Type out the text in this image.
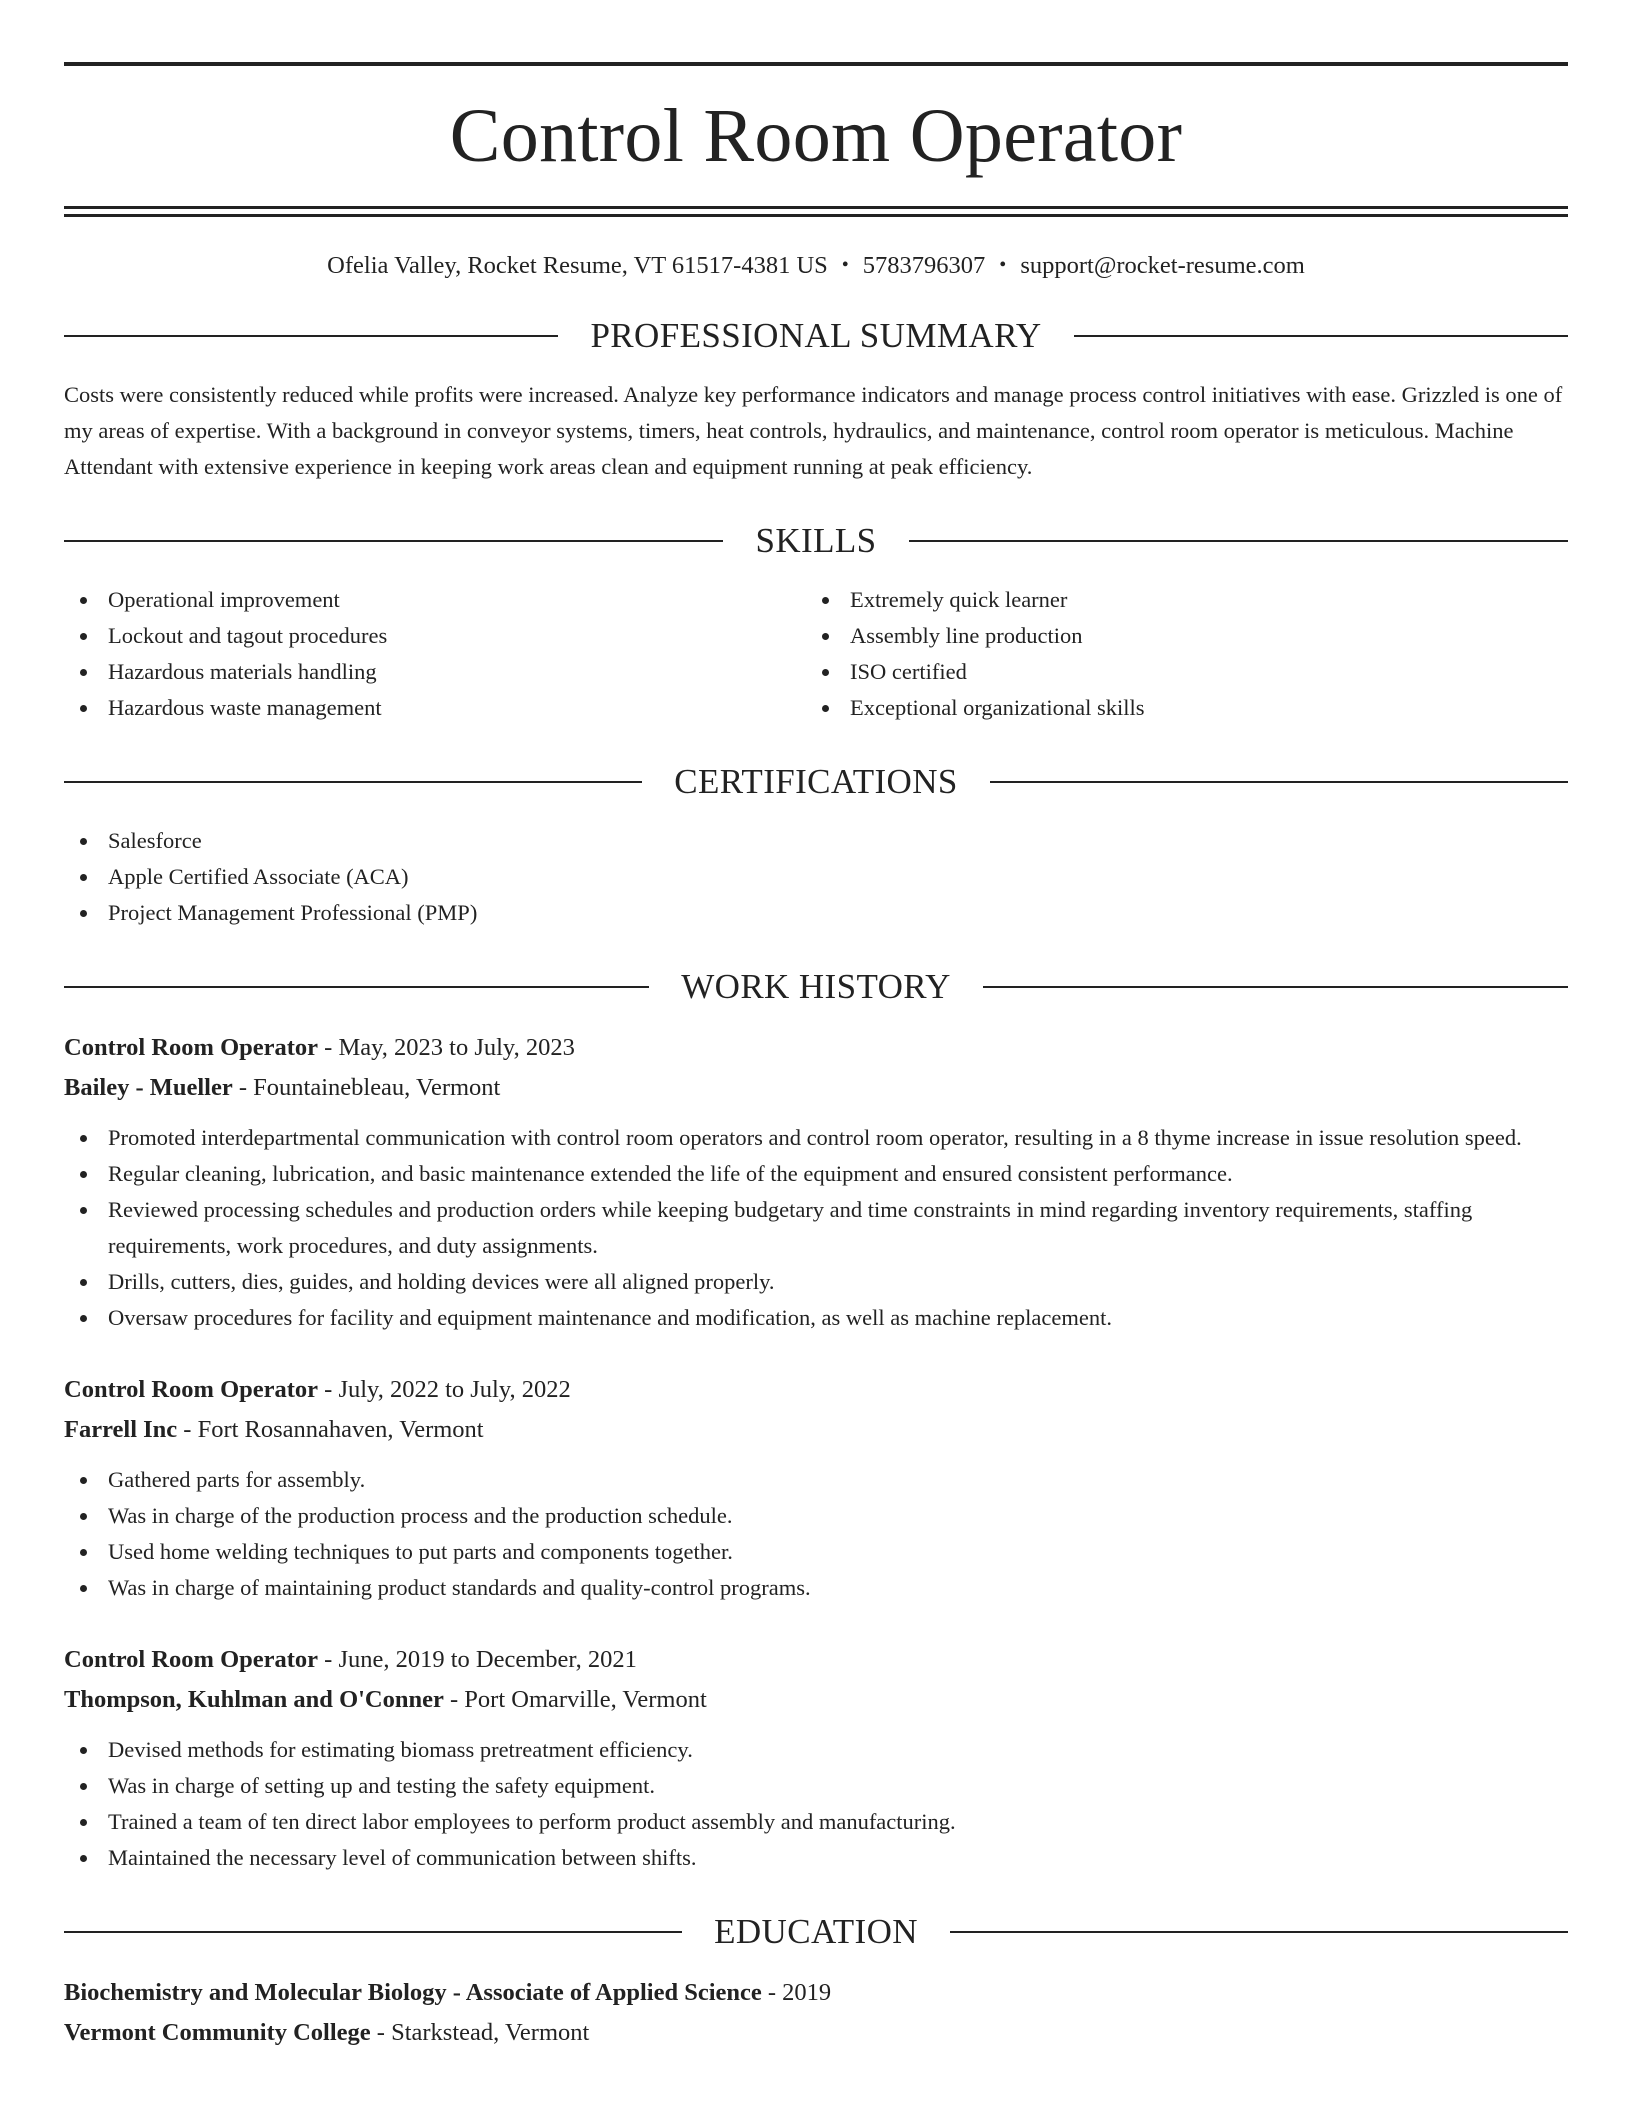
Control Room Operator
Ofelia Valley, Rocket Resume, VT 61517-4381 US • 5783796307 • support@rocket-resume.com
PROFESSIONAL SUMMARY
Costs were consistently reduced while profits were increased. Analyze key performance indicators and manage process control initiatives with ease. Grizzled is one of my areas of expertise. With a background in conveyor systems, timers, heat controls, hydraulics, and maintenance, control room operator is meticulous. Machine Attendant with extensive experience in keeping work areas clean and equipment running at peak efficiency.
SKILLS
Operational improvement
Lockout and tagout procedures
Hazardous materials handling
Hazardous waste management
Extremely quick learner
Assembly line production
ISO certified
Exceptional organizational skills
CERTIFICATIONS
Salesforce
Apple Certified Associate (ACA)
Project Management Professional (PMP)
WORK HISTORY
Control Room Operator - May, 2023 to July, 2023
Bailey - Mueller - Fountainebleau, Vermont
Promoted interdepartmental communication with control room operators and control room operator, resulting in a 8 thyme increase in issue resolution speed.
Regular cleaning, lubrication, and basic maintenance extended the life of the equipment and ensured consistent performance.
Reviewed processing schedules and production orders while keeping budgetary and time constraints in mind regarding inventory requirements, staffing requirements, work procedures, and duty assignments.
Drills, cutters, dies, guides, and holding devices were all aligned properly.
Oversaw procedures for facility and equipment maintenance and modification, as well as machine replacement.
Control Room Operator - July, 2022 to July, 2022
Farrell Inc - Fort Rosannahaven, Vermont
Gathered parts for assembly.
Was in charge of the production process and the production schedule.
Used home welding techniques to put parts and components together.
Was in charge of maintaining product standards and quality-control programs.
Control Room Operator - June, 2019 to December, 2021
Thompson, Kuhlman and O'Conner - Port Omarville, Vermont
Devised methods for estimating biomass pretreatment efficiency.
Was in charge of setting up and testing the safety equipment.
Trained a team of ten direct labor employees to perform product assembly and manufacturing.
Maintained the necessary level of communication between shifts.
EDUCATION
Biochemistry and Molecular Biology - Associate of Applied Science - 2019
Vermont Community College - Starkstead, Vermont
